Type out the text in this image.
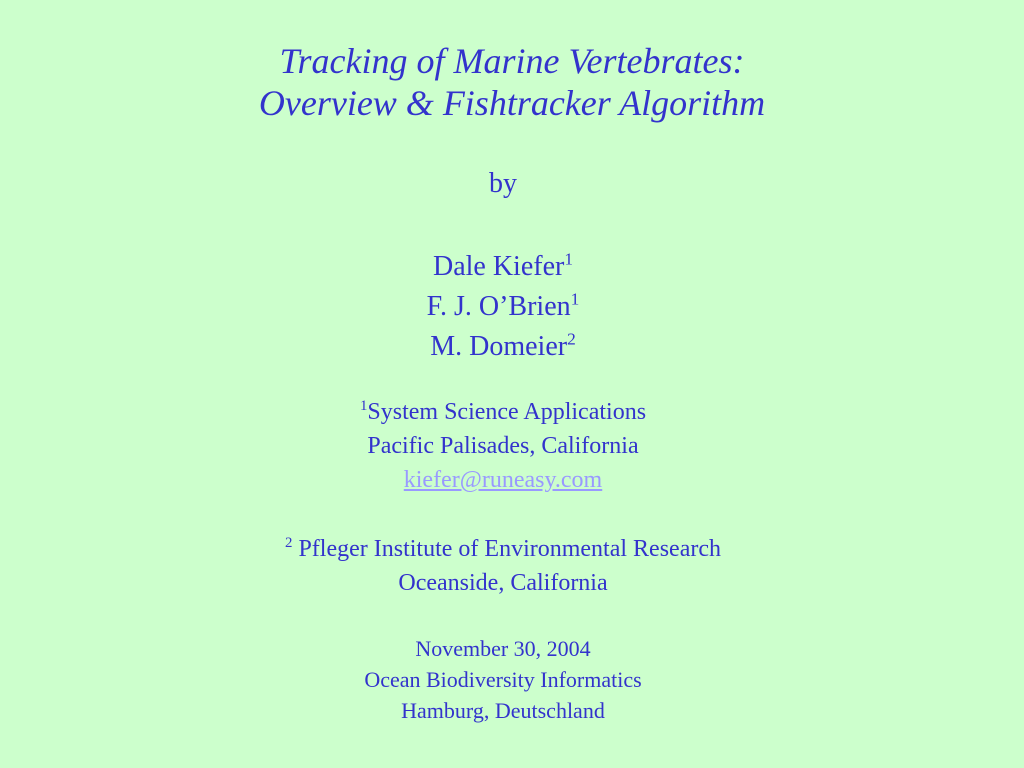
Tracking of Marine Vertebrates:
Overview & Fishtracker Algorithm
by
Dale Kiefer$^1$
F. J. O’Brien$^1$
M. Domeier$^2$
$^1$System Science Applications
Pacific Palisades, California
kiefer@runeasy.com
$^2$ Pfleger Institute of Environmental Research
Oceanside, California
November 30, 2004
Ocean Biodiversity Informatics
Hamburg, Deutschland
